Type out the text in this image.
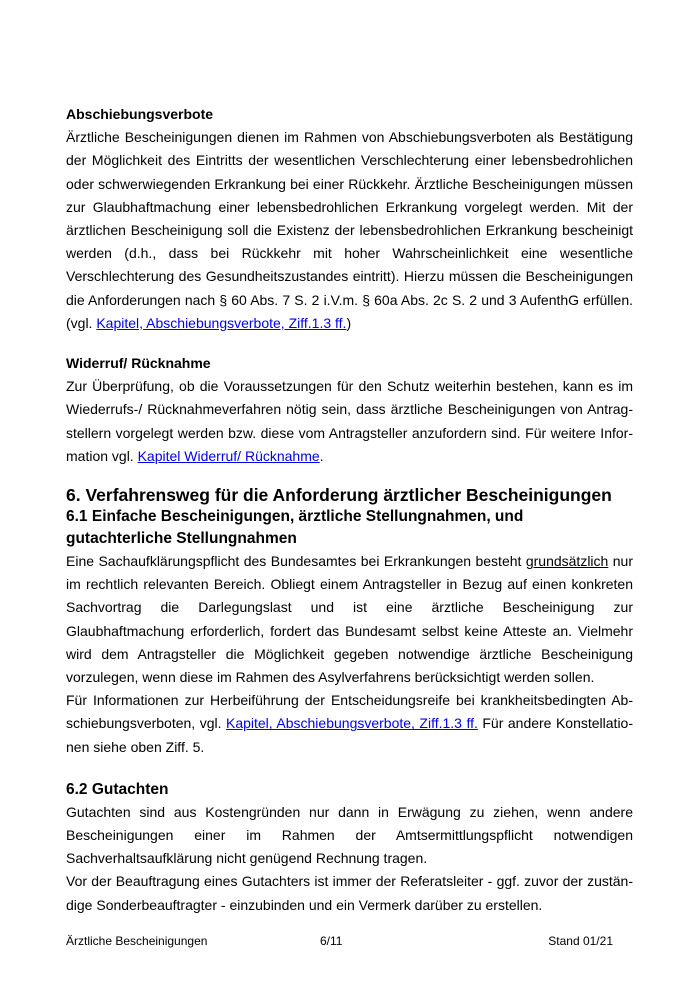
Abschiebungsverbote

Ärztliche Bescheinigungen dienen im Rahmen von Abschiebungsverboten als Bestätigung der Möglichkeit des Eintritts der wesentlichen Verschlechterung einer lebensbedrohlichen oder schwerwiegenden Erkrankung bei einer Rückkehr. Ärztliche Bescheinigungen müssen zur Glaubhaftmachung einer lebensbedrohlichen Erkrankung vorgelegt werden. Mit der ärztlichen Bescheinigung soll die Existenz der lebensbedrohlichen Erkrankung bescheinigt werden (d.h., dass bei Rückkehr mit hoher Wahrscheinlichkeit eine wesentliche Verschlechterung des Gesundheitszustandes eintritt). Hierzu müssen die Bescheinigungen die Anforderungen nach § 60 Abs. 7 S. 2 i.V.m. § 60a Abs. 2c S. 2 und 3 AufenthG erfüllen. (vgl. Kapitel, Abschiebungsverbote, Ziff.1.3 ff.)

Widerruf/ Rücknahme

Zur Überprüfung, ob die Voraussetzungen für den Schutz weiterhin bestehen, kann es im Wiederrufs-/ Rücknahmeverfahren nötig sein, dass ärztliche Bescheinigungen von Antragstellern vorgelegt werden bzw. diese vom Antragsteller anzufordern sind. Für weitere Information vgl. Kapitel Widerruf/ Rücknahme.

6. Verfahrensweg für die Anforderung ärztlicher Bescheinigungen

6.1 Einfache Bescheinigungen, ärztliche Stellungnahmen, und gutachterliche Stellungnahmen

Eine Sachaufklärungspflicht des Bundesamtes bei Erkrankungen besteht grundsätzlich nur im rechtlich relevanten Bereich. Obliegt einem Antragsteller in Bezug auf einen konkreten Sachvortrag die Darlegungslast und ist eine ärztliche Bescheinigung zur Glaubhaftmachung erforderlich, fordert das Bundesamt selbst keine Atteste an. Vielmehr wird dem Antragsteller die Möglichkeit gegeben notwendige ärztliche Bescheinigung vorzulegen, wenn diese im Rahmen des Asylverfahrens berücksichtigt werden sollen.

Für Informationen zur Herbeiführung der Entscheidungsreife bei krankheitsbedingten Abschiebungsverboten, vgl. Kapitel, Abschiebungsverbote, Ziff.1.3 ff. Für andere Konstellationen siehe oben Ziff. 5.

6.2 Gutachten

Gutachten sind aus Kostengründen nur dann in Erwägung zu ziehen, wenn andere Bescheinigungen einer im Rahmen der Amtsermittlungspflicht notwendigen Sachverhaltsaufklärung nicht genügend Rechnung tragen.

Vor der Beauftragung eines Gutachters ist immer der Referatsleiter - ggf. zuvor der zuständige Sonderbeauftragter - einzubinden und ein Vermerk darüber zu erstellen.

Ärztliche Bescheinigungen	6/11	Stand 01/21
